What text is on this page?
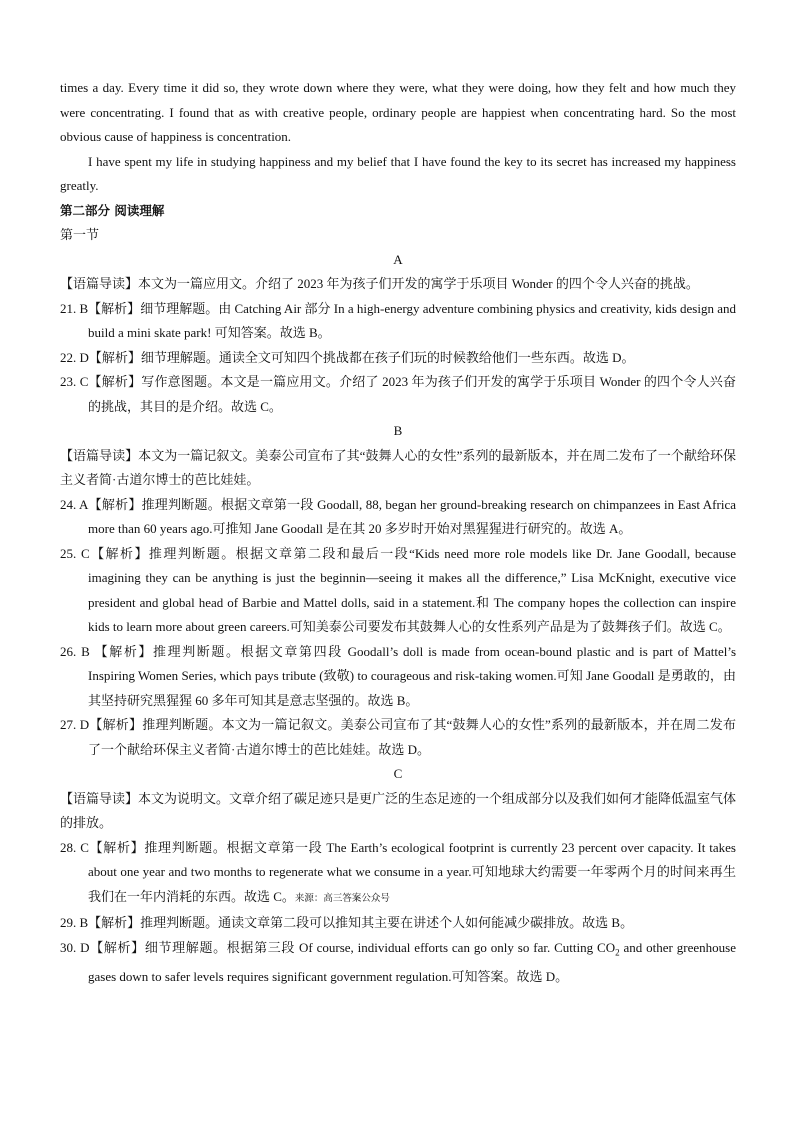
times a day. Every time it did so, they wrote down where they were, what they were doing, how they felt and how much they were concentrating. I found that as with creative people, ordinary people are happiest when concentrating hard. So the most obvious cause of happiness is concentration.

I have spent my life in studying happiness and my belief that I have found the key to its secret has increased my happiness greatly.

第二部分 阅读理解

第一节

A

【语篇导读】本文为一篇应用文。介绍了 2023 年为孩子们开发的寓学于乐项目 Wonder 的四个令人兴奋的挑战。

21. B【解析】细节理解题。由 Catching Air 部分 In a high-energy adventure combining physics and creativity, kids design and build a mini skate park! 可知答案。故选 B。

22. D【解析】细节理解题。通读全文可知四个挑战都在孩子们玩的时候教给他们一些东西。故选 D。

23. C【解析】写作意图题。本文是一篇应用文。介绍了 2023 年为孩子们开发的寓学于乐项目 Wonder 的四个令人兴奋的挑战，其目的是介绍。故选 C。

B

【语篇导读】本文为一篇记叙文。美泰公司宣布了其“鼓舞人心的女性”系列的最新版本，并在周二发布了一个献给环保主义者简·古道尔博士的芭比娃娃。

24. A【解析】推理判断题。根据文章第一段 Goodall, 88, began her ground-breaking research on chimpanzees in East Africa more than 60 years ago.可推知 Jane Goodall 是在其 20 多岁时开始对黑猩猩进行研究的。故选 A。

25. C【解析】推理判断题。根据文章第二段和最后一段“Kids need more role models like Dr. Jane Goodall, because imagining they can be anything is just the beginnin—seeing it makes all the difference,” Lisa McKnight, executive vice president and global head of Barbie and Mattel dolls, said in a statement.和 The company hopes the collection can inspire kids to learn more about green careers.可知美泰公司要发布其鼓舞人心的女性系列产品是为了鼓舞孩子们。故选 C。

26. B 【解析】推理判断题。根据文章第四段 Goodall’s doll is made from ocean-bound plastic and is part of Mattel’s Inspiring Women Series, which pays tribute (致敬) to courageous and risk-taking women.可知 Jane Goodall 是勇敢的，由其坚持研究黑猩猩 60 多年可知其是意志坚强的。故选 B。

27. D【解析】推理判断题。本文为一篇记叙文。美泰公司宣布了其“鼓舞人心的女性”系列的最新版本，并在周二发布了一个献给环保主义者简·古道尔博士的芭比娃娃。故选 D。

C

【语篇导读】本文为说明文。文章介绍了碳足迹只是更广泛的生态足迹的一个组成部分以及我们如何才能降低温室气体的排放。

28. C【解析】推理判断题。根据文章第一段 The Earth’s ecological footprint is currently 23 percent over capacity. It takes about one year and two months to regenerate what we consume in a year.可知地球大约需要一年零两个月的时间来再生我们在一年内消耗的东西。故选 C。来源：高三答案公众号

29. B【解析】推理判断题。通读文章第二段可以推知其主要在讲述个人如何能减少碳排放。故选 B。

30. D【解析】细节理解题。根据第三段 Of course, individual efforts can go only so far. Cutting $CO_2$ and other greenhouse gases down to safer levels requires significant government regulation.可知答案。故选 D。
